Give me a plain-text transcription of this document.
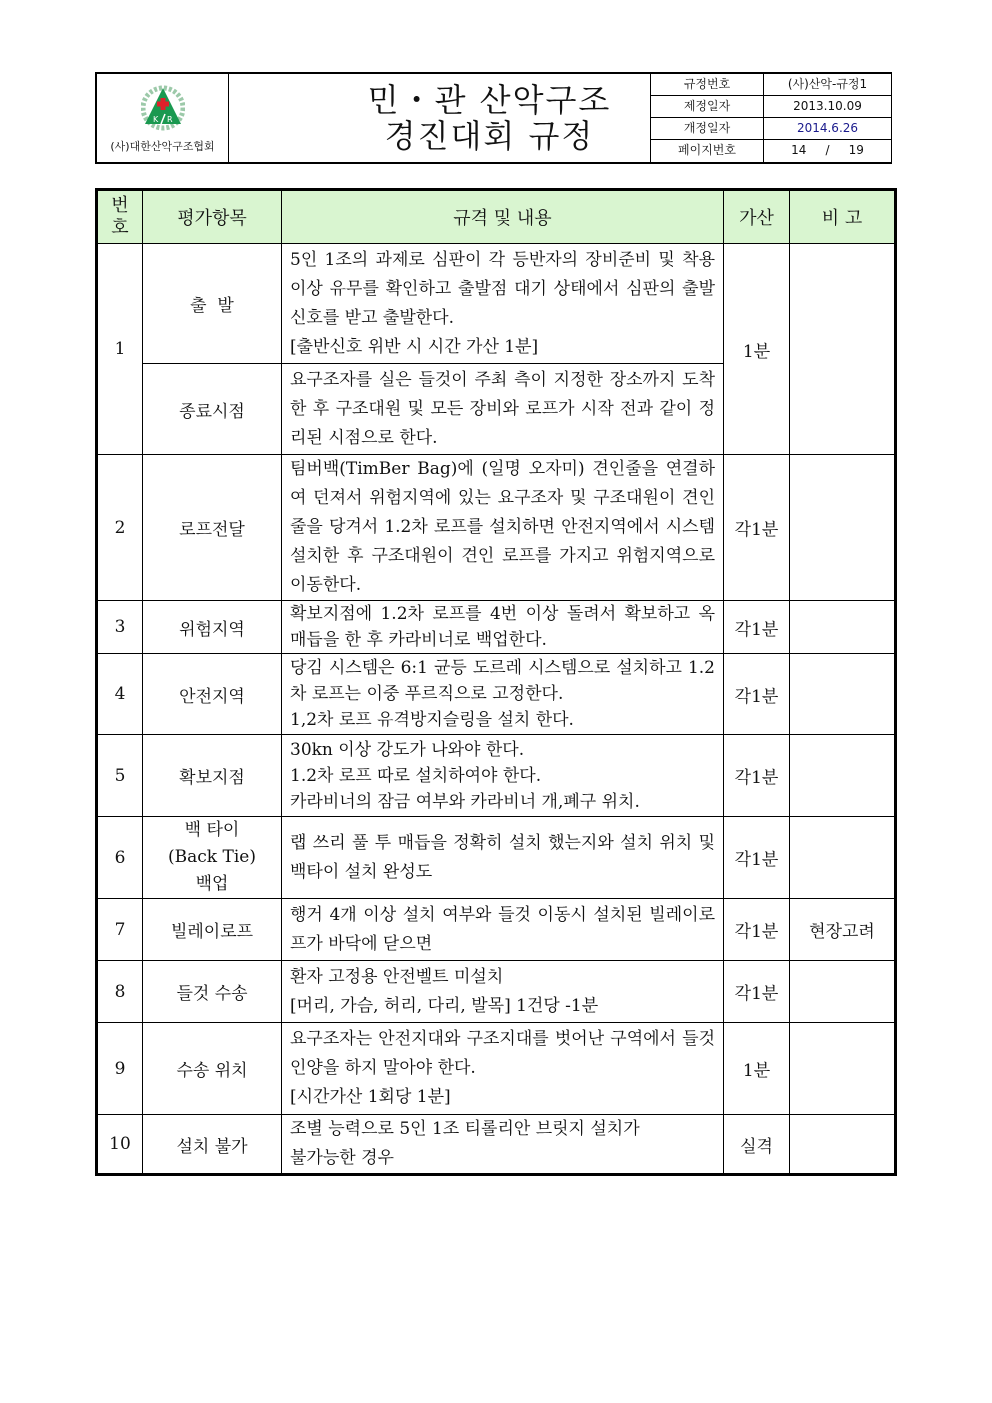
K R
(사)대한산악구조협회
민・관 산악구조
경진대회 규정
규정번호	(사)산악-규정1
제정일자	2013.10.09
개정일자	2014.6.26
페이지번호	14     /     19
번호	평가항목	규격 및 내용	가산	비 고
1	출  발	5인 1조의 과제로 심판이 각 등반자의 장비준비 및 착용 이상 유무를 확인하고 출발점 대기 상태에서 심판의 출발신호를 받고 출발한다.
[출반신호 위반 시 시간 가산 1분]	1분	
	종료시점	요구조자를 실은 들것이 주최 측이 지정한 장소까지 도착한 후 구조대원 및 모든 장비와 로프가 시작 전과 같이 정리된 시점으로 한다.		

2	로프전달	팀버백(TimBer Bag)에 (일명 오자미) 견인줄을 연결하여 던져서 위험지역에 있는 요구조자 및 구조대원이 견인줄을 당겨서 1.2차 로프를 설치하면 안전지역에서 시스템 설치한 후 구조대원이 견인 로프를 가지고 위험지역으로 이동한다.	각1분	
3	위험지역	확보지점에 1.2차 로프를 4번 이상 돌려서 확보하고 옥 매듭을 한 후 카라비너로 백업한다.	각1분	
4	안전지역	당김 시스템은 6:1 균등 도르레 시스템으로 설치하고 1.2차 로프는 이중 푸르직으로 고정한다.
1,2차 로프 유격방지슬링을 설치 한다.	각1분	
5	확보지점	30kn 이상 강도가 나와야 한다.
1.2차 로프 따로 설치하여야 한다.
카라비너의 잠금 여부와 카라비너 개,폐구 위치.	각1분	
6	백 타이 (Back Tie)백업	랩 쓰리 풀 투 매듭을 정확히 설치 했는지와 설치 위치 및 백타이 설치 완성도	각1분	
7	빌레이로프	행거 4개 이상 설치 여부와 들것 이동시 설치된 빌레이로프가 바닥에 닫으면	각1분	현장고려
8	들것 수송	환자 고정용 안전벨트 미설치
[머리, 가슴, 허리, 다리, 발목] 1건당 -1분	각1분	
9	수송 위치	요구조자는 안전지대와 구조지대를 벗어난 구역에서 들것 인양을 하지 말아야 한다.
[시간가산 1회당 1분]	1분	
10	설치 불가	조별 능력으로 5인 1조 티롤리안 브릿지 설치가
불가능한 경우	실격	
